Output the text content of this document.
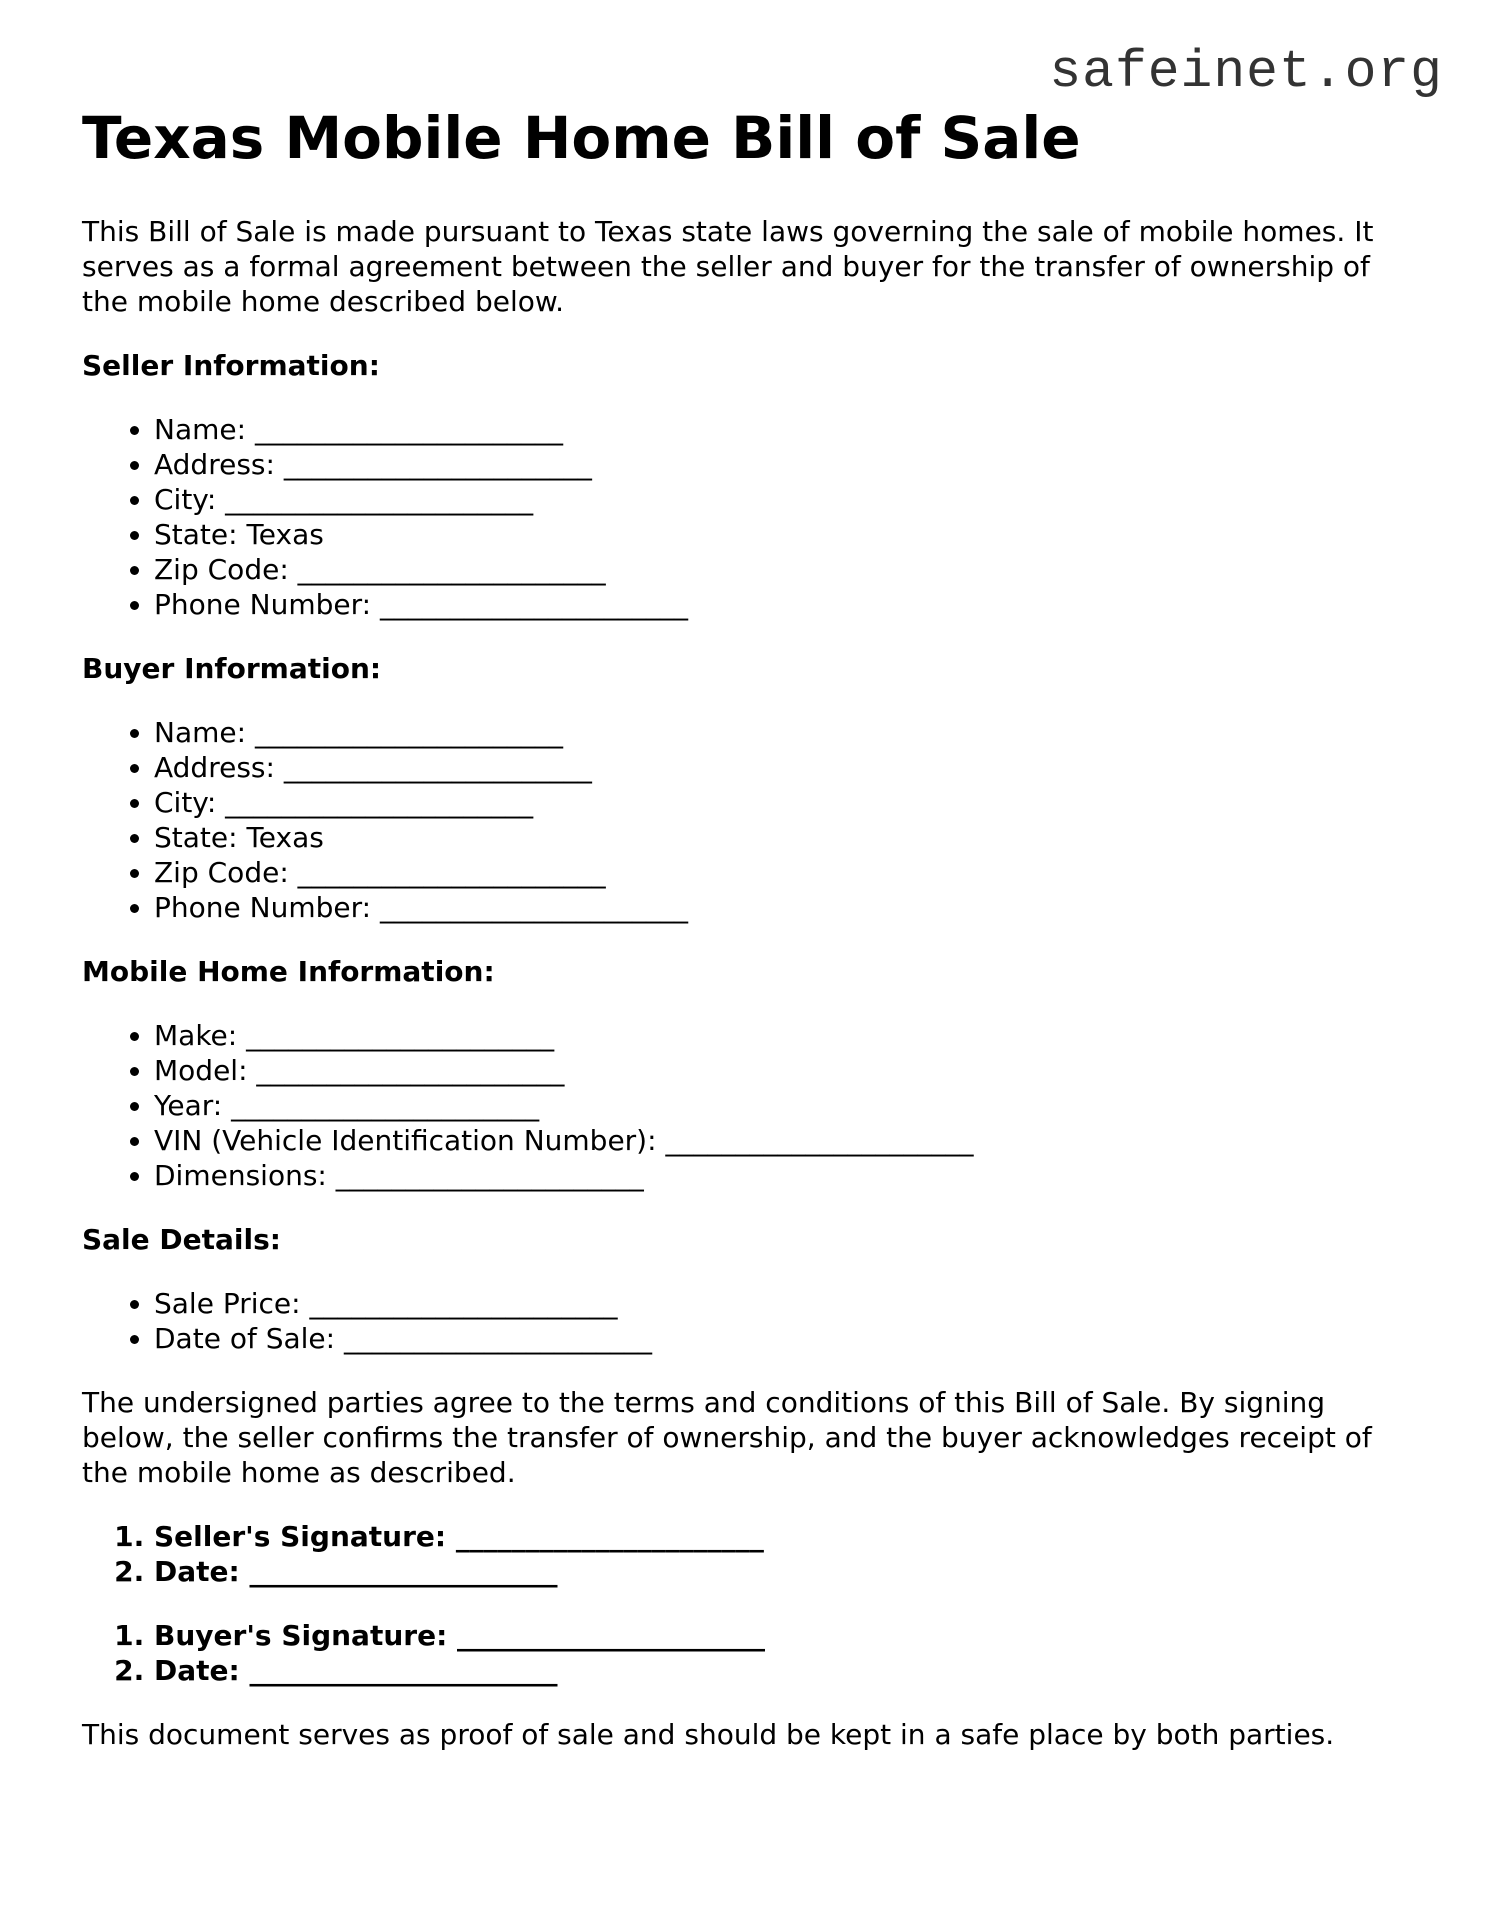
safeinet.org
Texas Mobile Home Bill of Sale

This Bill of Sale is made pursuant to Texas state laws governing the sale of mobile homes. It serves as a formal agreement between the seller and buyer for the transfer of ownership of the mobile home described below.

Seller Information:

• Name: ______________________
• Address: ______________________
• City: ______________________
• State: Texas
• Zip Code: ______________________
• Phone Number: ______________________

Buyer Information:

• Name: ______________________
• Address: ______________________
• City: ______________________
• State: Texas
• Zip Code: ______________________
• Phone Number: ______________________

Mobile Home Information:

• Make: ______________________
• Model: ______________________
• Year: ______________________
• VIN (Vehicle Identification Number): ______________________
• Dimensions: ______________________

Sale Details:

• Sale Price: ______________________
• Date of Sale: ______________________

The undersigned parties agree to the terms and conditions of this Bill of Sale. By signing below, the seller confirms the transfer of ownership, and the buyer acknowledges receipt of the mobile home as described.

1. Seller's Signature: ______________________
2. Date: ______________________
1. Buyer's Signature: ______________________
2. Date: ______________________

This document serves as proof of sale and should be kept in a safe place by both parties.
